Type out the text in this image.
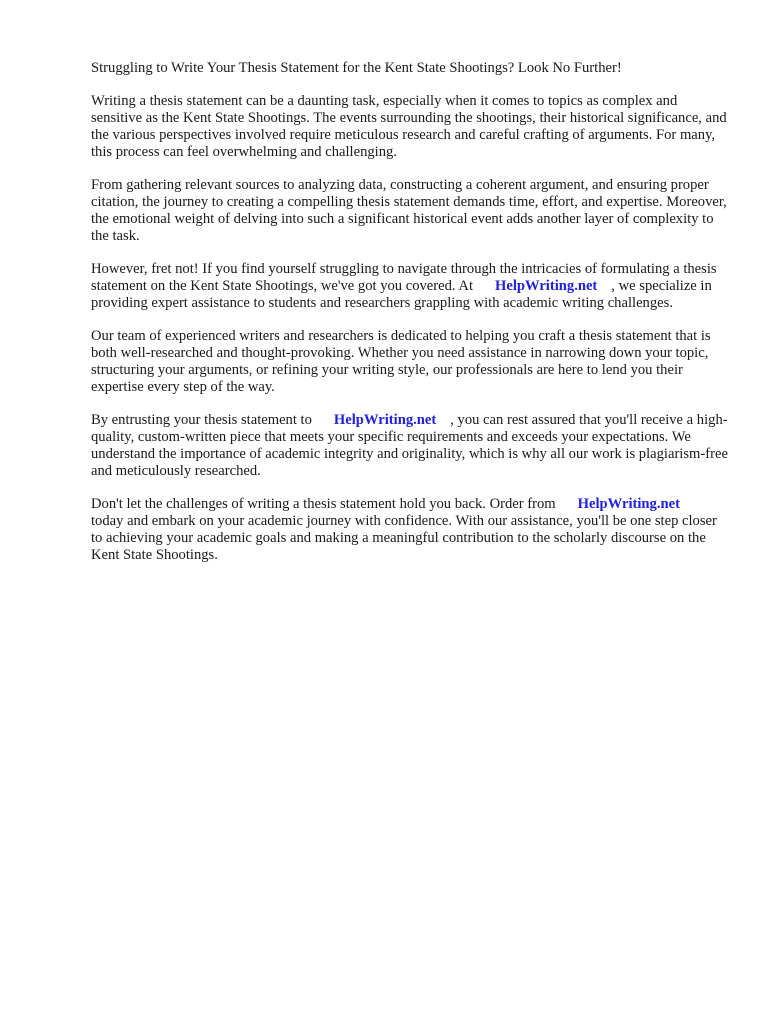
Struggling to Write Your Thesis Statement for the Kent State Shootings? Look No Further!

Writing a thesis statement can be a daunting task, especially when it comes to topics as complex and sensitive as the Kent State Shootings. The events surrounding the shootings, their historical significance, and the various perspectives involved require meticulous research and careful crafting of arguments. For many, this process can feel overwhelming and challenging.

From gathering relevant sources to analyzing data, constructing a coherent argument, and ensuring proper citation, the journey to creating a compelling thesis statement demands time, effort, and expertise. Moreover, the emotional weight of delving into such a significant historical event adds another layer of complexity to the task.

However, fret not! If you find yourself struggling to navigate through the intricacies of formulating a thesis statement on the Kent State Shootings, we've got you covered. At HelpWriting.net , we specialize in providing expert assistance to students and researchers grappling with academic writing challenges.

Our team of experienced writers and researchers is dedicated to helping you craft a thesis statement that is both well-researched and thought-provoking. Whether you need assistance in narrowing down your topic, structuring your arguments, or refining your writing style, our professionals are here to lend you their expertise every step of the way.

By entrusting your thesis statement to HelpWriting.net , you can rest assured that you'll receive a high-quality, custom-written piece that meets your specific requirements and exceeds your expectations. We understand the importance of academic integrity and originality, which is why all our work is plagiarism-free and meticulously researched.

Don't let the challenges of writing a thesis statement hold you back. Order from HelpWriting.net today and embark on your academic journey with confidence. With our assistance, you'll be one step closer to achieving your academic goals and making a meaningful contribution to the scholarly discourse on the Kent State Shootings.
